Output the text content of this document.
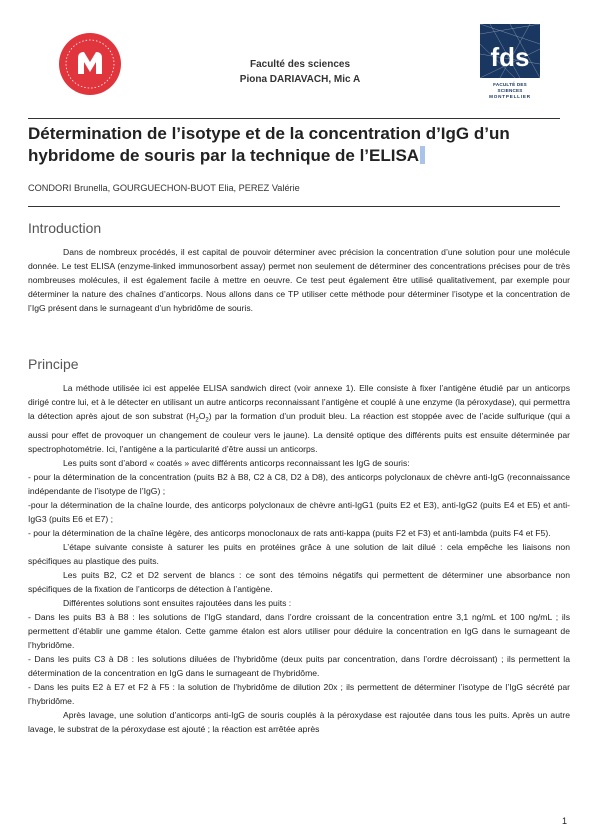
Faculté des sciences
Piona DARIAVACH, Mic A
fds
FACULTÉ DES SCIENCES
MONTPELLIER
Détermination de l’isotype et de la concentration d’IgG d’un hybridome de souris par la technique de l’ELISA
CONDORI Brunella, GOURGUECHON-BUOT Elia, PEREZ Valérie
Introduction

Dans de nombreux procédés, il est capital de pouvoir déterminer avec précision la concentration d’une solution pour une molécule donnée. Le test ELISA (enzyme-linked immunosorbent assay) permet non seulement de déterminer des concentrations précises pour de très nombreuses molécules, il est également facile à mettre en oeuvre. Ce test peut également être utilisé qualitativement, par exemple pour déterminer la nature des chaînes d’anticorps. Nous allons dans ce TP utiliser cette méthode pour déterminer l’isotype et la concentration de l’IgG présent dans le surnageant d’un hybridôme de souris.

Principe

La méthode utilisée ici est appelée ELISA sandwich direct (voir annexe 1). Elle consiste à fixer l’antigène étudié par un anticorps dirigé contre lui, et à le détecter en utilisant un autre anticorps reconnaissant l’antigène et couplé à une enzyme (la péroxydase), qui permettra la détection après ajout de son substrat $(H_2O_2)$ par la formation d’un produit bleu. La réaction est stoppée avec de l’acide sulfurique (qui a aussi pour effet de provoquer un changement de couleur vers le jaune). La densité optique des différents puits est ensuite déterminée par spectrophotométrie. Ici, l’antigène a la particularité d’être aussi un anticorps.

Les puits sont d’abord « coatés » avec différents anticorps reconnaissant les IgG de souris:

- pour la détermination de la concentration (puits B2 à B8, C2 à C8, D2 à D8), des anticorps polyclonaux de chèvre anti-IgG (reconnaissance indépendante de l’isotype de l’IgG) ;

-pour la détermination de la chaîne lourde, des anticorps polyclonaux de chèvre anti-IgG1 (puits E2 et E3), anti-IgG2 (puits E4 et E5) et anti-IgG3 (puits E6 et E7) ;

- pour la détermination de la chaîne légère, des anticorps monoclonaux de rats anti-kappa (puits F2 et F3) et anti-lambda (puits F4 et F5).

L’étape suivante consiste à saturer les puits en protéines grâce à une solution de lait dilué : cela empêche les liaisons non spécifiques au plastique des puits.

Les puits B2, C2 et D2 servent de blancs : ce sont des témoins négatifs qui permettent de déterminer une absorbance non spécifiques de la fixation de l’anticorps de détection à l’antigène.

Différentes solutions sont ensuites rajoutées dans les puits :

- Dans les puits B3 à B8 : les solutions de l’IgG standard, dans l’ordre croissant de la concentration entre 3,1 ng/mL et 100 ng/mL ; ils permettent d’établir une gamme étalon. Cette gamme étalon est alors utiliser pour déduire la concentration en IgG dans le surnageant de l’hybridôme.

- Dans les puits C3 à D8 : les solutions diluées de l’hybridôme (deux puits par concentration, dans l’ordre décroissant) ; ils permettent la détermination de la concentration en IgG dans le surnageant de l’hybridôme.

- Dans les puits E2 à E7 et F2 à F5 : la solution de l’hybridôme de dilution 20x ; ils permettent de déterminer l’isotype de l’IgG sécrété par l’hybridôme.

Après lavage, une solution d’anticorps anti-IgG de souris couplés à la péroxydase est rajoutée dans tous les puits. Après un autre lavage, le substrat de la péroxydase est ajouté ; la réaction est arrêtée après

1
